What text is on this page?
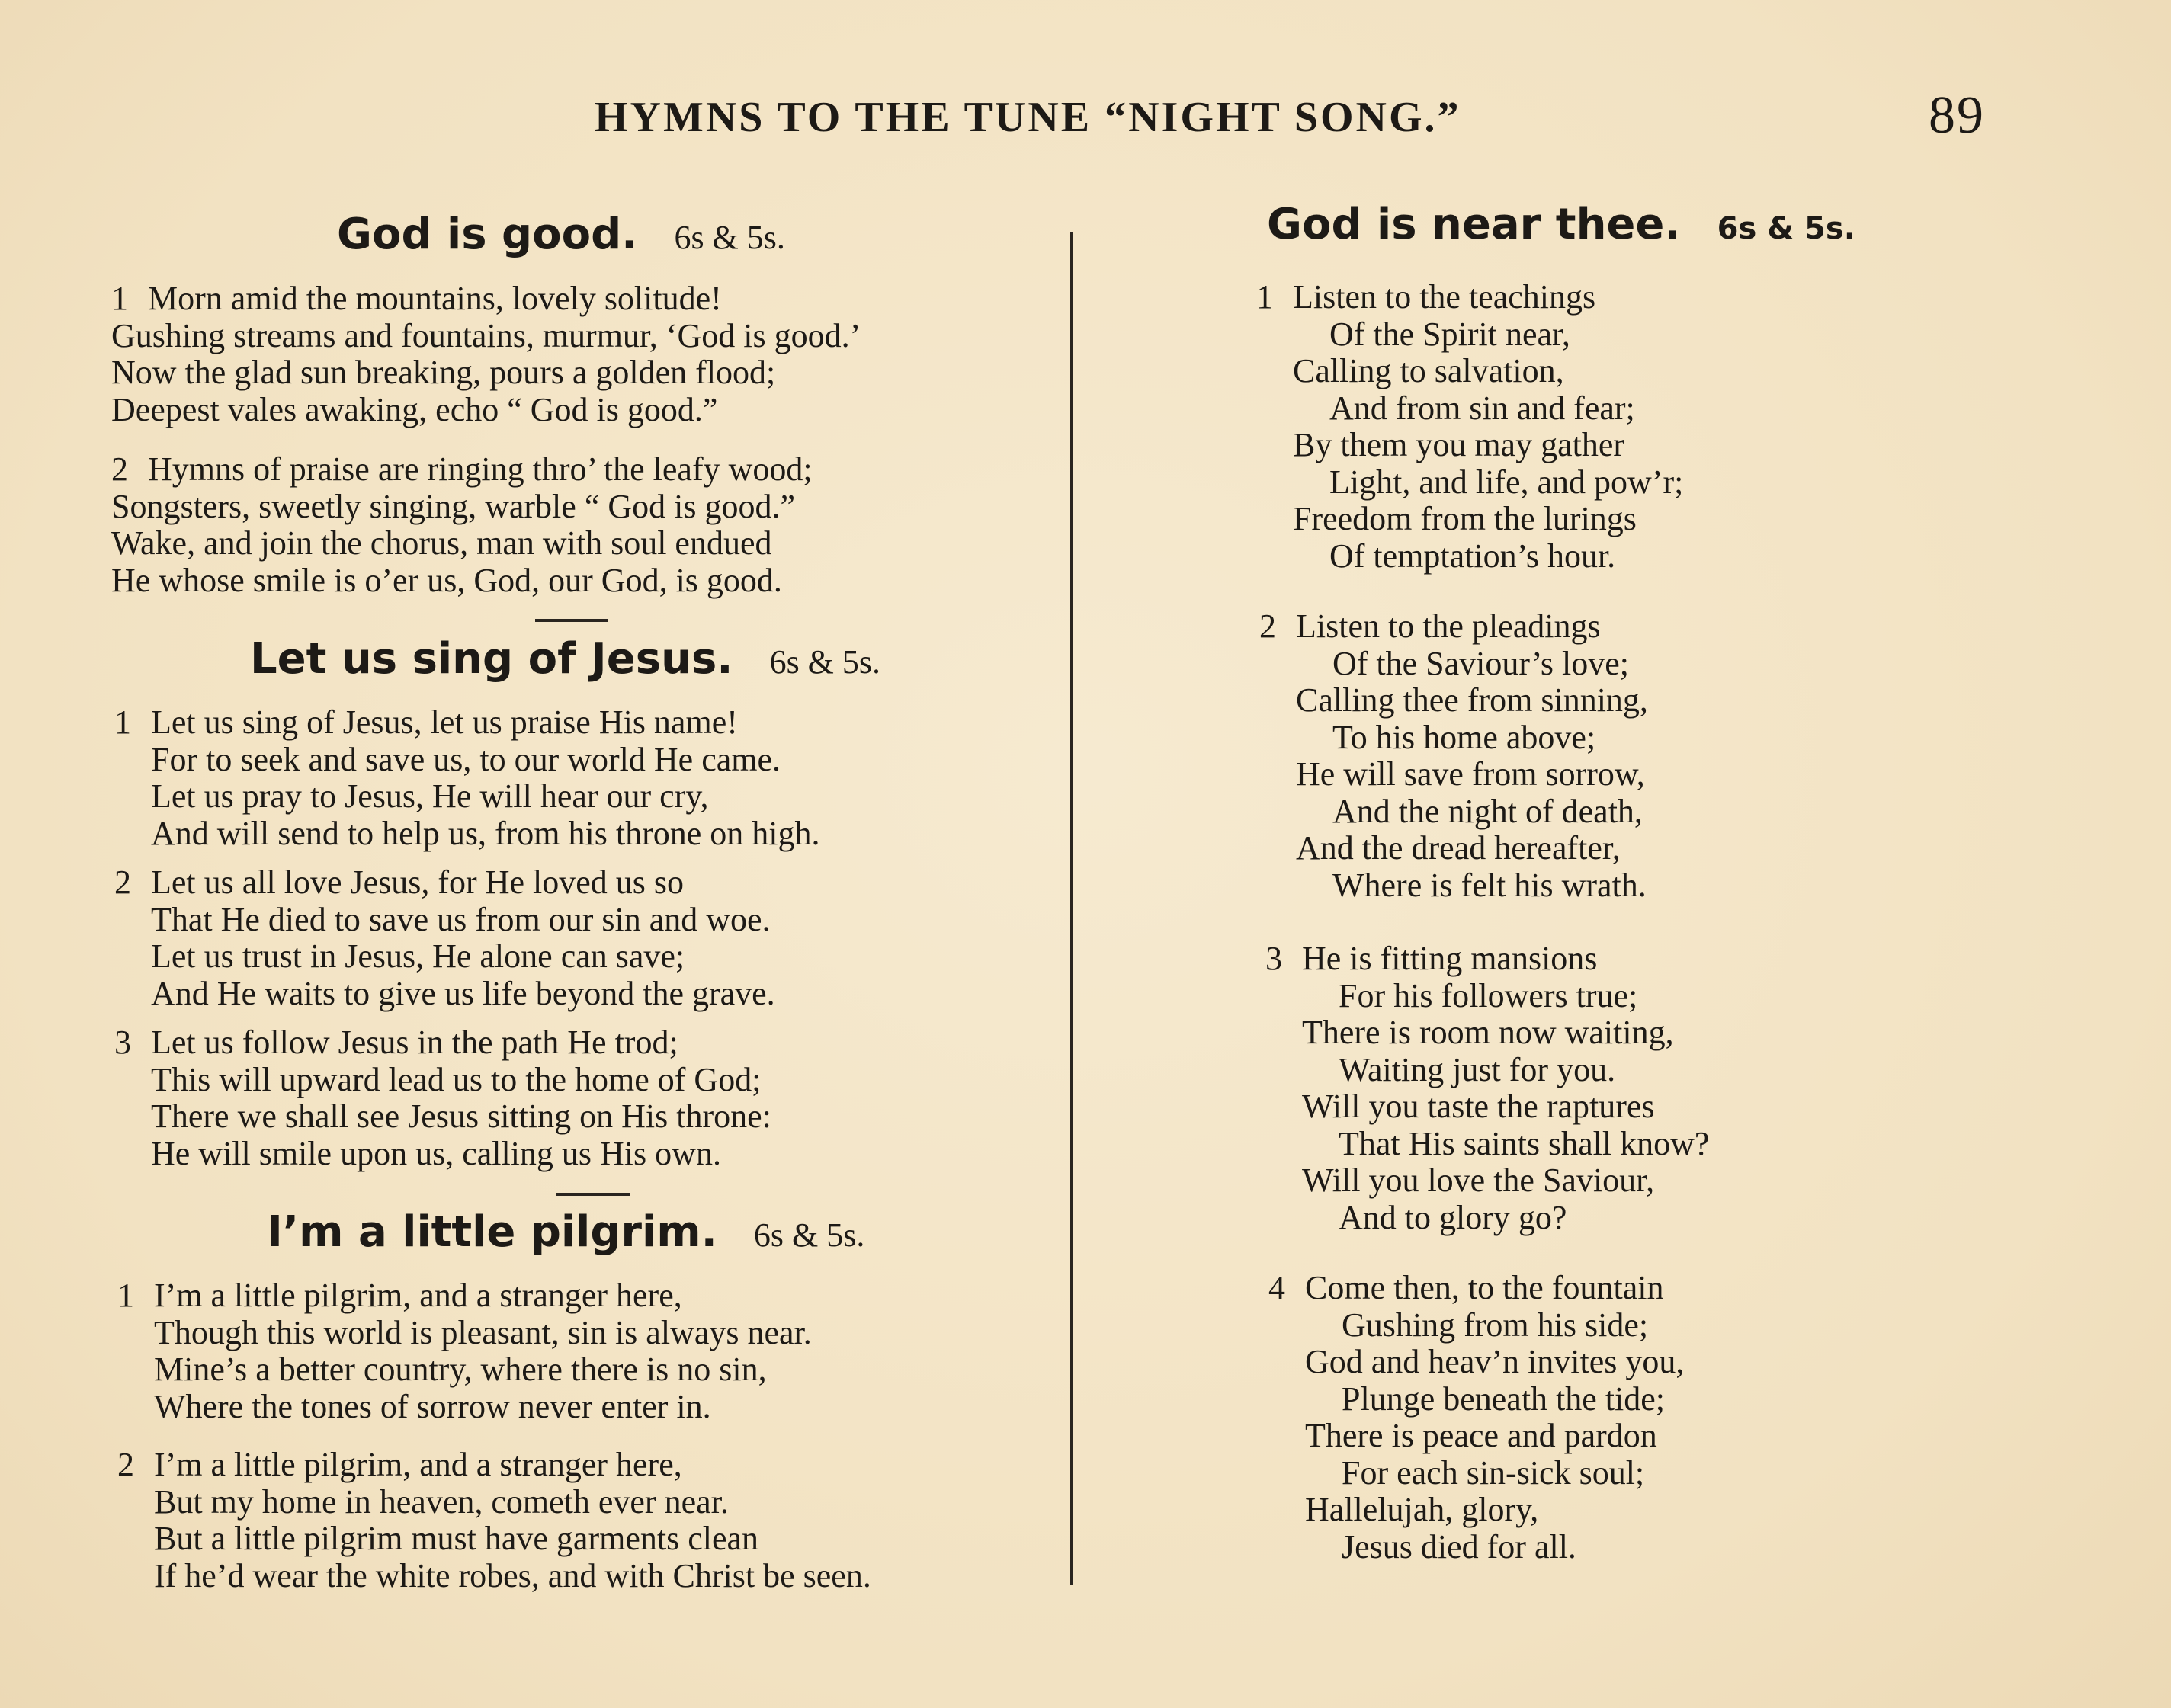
HYMNS TO THE TUNE “NIGHT SONG.”	89
God is good. 6s & 5s.
1 Morn amid the mountains, lovely solitude!
Gushing streams and fountains, murmur, ‘God is good.’
Now the glad sun breaking, pours a golden flood;
Deepest vales awaking, echo “ God is good.”
2 Hymns of praise are ringing thro’ the leafy wood;
Songsters, sweetly singing, warble “ God is good.”
Wake, and join the chorus, man with soul endued
He whose smile is o’er us, God, our God, is good.
Let us sing of Jesus. 6s & 5s.
1 Let us sing of Jesus, let us praise His name!
For to seek and save us, to our world He came.
Let us pray to Jesus, He will hear our cry,
And will send to help us, from his throne on high.
2 Let us all love Jesus, for He loved us so
That He died to save us from our sin and woe.
Let us trust in Jesus, He alone can save;
And He waits to give us life beyond the grave.
3 Let us follow Jesus in the path He trod;
This will upward lead us to the home of God;
There we shall see Jesus sitting on His throne:
He will smile upon us, calling us His own.
I’m a little pilgrim. 6s & 5s.
1 I’m a little pilgrim, and a stranger here,
Though this world is pleasant, sin is always near.
Mine’s a better country, where there is no sin,
Where the tones of sorrow never enter in.
2 I’m a little pilgrim, and a stranger here,
But my home in heaven, cometh ever near.
But a little pilgrim must have garments clean
If he’d wear the white robes, and with Christ be seen.
God is near thee. 6s & 5s.
1 Listen to the teachings
Of the Spirit near,
Calling to salvation,
And from sin and fear;
By them you may gather
Light, and life, and pow’r;
Freedom from the lurings
Of temptation’s hour.
2 Listen to the pleadings
Of the Saviour’s love;
Calling thee from sinning,
To his home above;
He will save from sorrow,
And the night of death,
And the dread hereafter,
Where is felt his wrath.
3 He is fitting mansions
For his followers true;
There is room now waiting,
Waiting just for you.
Will you taste the raptures
That His saints shall know?
Will you love the Saviour,
And to glory go?
4 Come then, to the fountain
Gushing from his side;
God and heav’n invites you,
Plunge beneath the tide;
There is peace and pardon
For each sin-sick soul;
Hallelujah, glory,
Jesus died for all.
